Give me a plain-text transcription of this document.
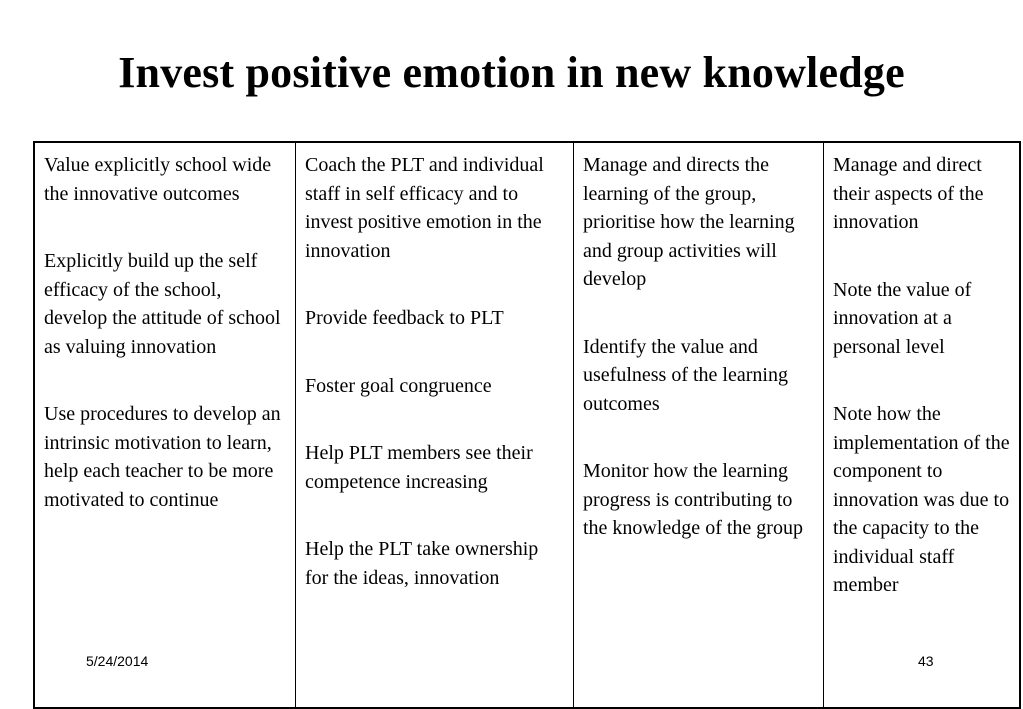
Invest positive emotion in new knowledge

Value explicitly school wide the innovative outcomes

Explicitly build up the self efficacy of the school, develop the attitude of school as valuing innovation

Use procedures to develop an intrinsic motivation to learn, help each teacher to be more motivated to continue

Coach the PLT and individual staff in self efficacy and to invest positive emotion in the innovation

Provide feedback to PLT

Foster goal congruence

Help PLT members see their competence increasing

Help the PLT take ownership for the ideas, innovation

Manage and directs the learning of the group, prioritise how the learning and group activities will develop

Identify the value and usefulness of the learning outcomes

Monitor how the learning progress is contributing to the knowledge of the group

Manage and direct their aspects of the innovation

Note the value of innovation at a personal level

Note how the implementation of the component to innovation was due to the capacity to the individual staff member

5/24/2014	43
